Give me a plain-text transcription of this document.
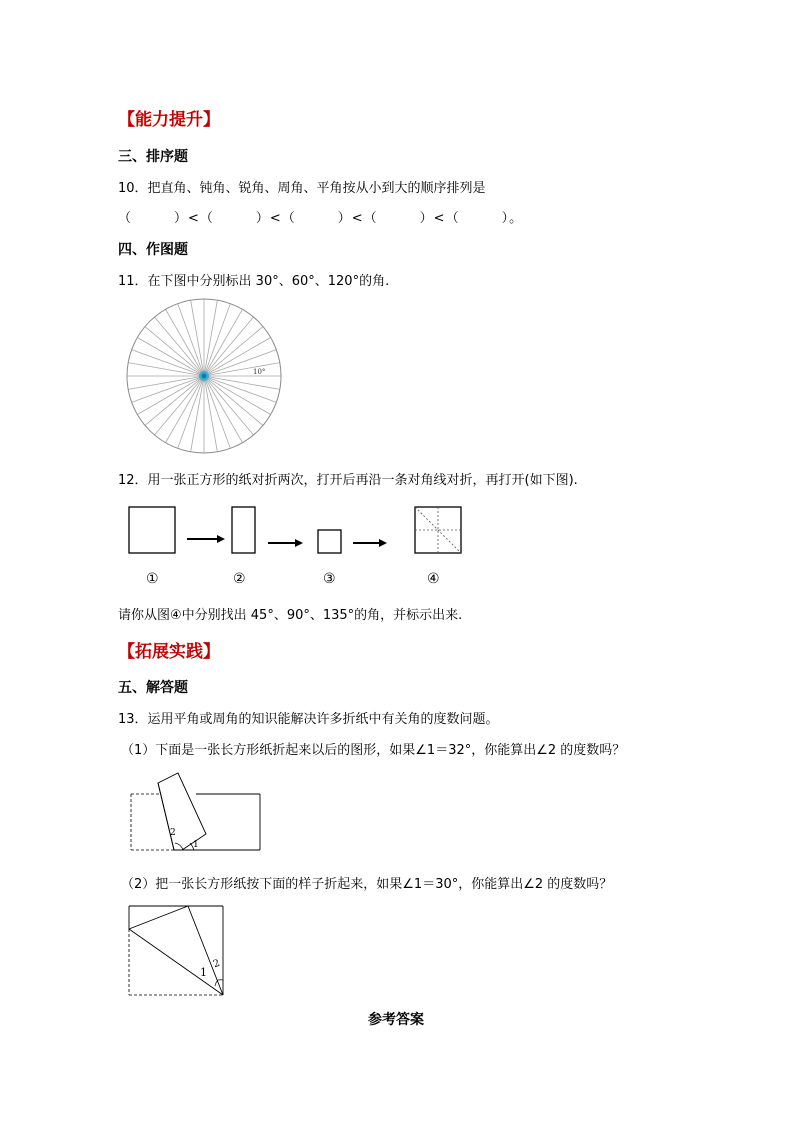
【能力提升】
三、排序题
10．把直角、钝角、锐角、周角、平角按从小到大的顺序排列是
（　　　）<（　　　）<（　　　）<（　　　）<（　　　）。
四、作图题
11．在下图中分别标出 30°、60°、120°的角.
10°
12．用一张正方形的纸对折两次，打开后再沿一条对角线对折，再打开(如下图).
①	②	③	④
请你从图④中分别找出 45°、90°、135°的角，并标示出来.
【拓展实践】
五、解答题
13．运用平角或周角的知识能解决许多折纸中有关角的度数问题。
（1）下面是一张长方形纸折起来以后的图形，如果∠1＝32°，你能算出∠2 的度数吗？
2
1
（2）把一张长方形纸按下面的样子折起来，如果∠1＝30°，你能算出∠2 的度数吗？
1
2
参考答案
